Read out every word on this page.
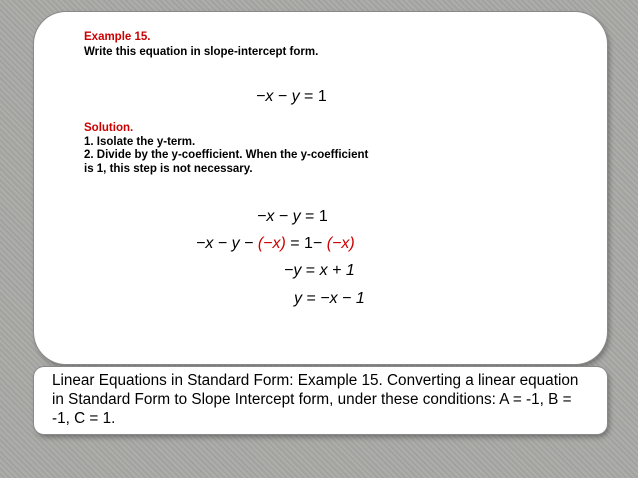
Example 15.
Write this equation in slope-intercept form.
−x − y = 1
Solution.
1. Isolate the y-term.
2. Divide by the y-coefficient. When the y-coefficient
is 1, this step is not necessary.
−x − y = 1
−x − y − (−x) = 1− (−x)
−y = x + 1
y = −x − 1
Linear Equations in Standard Form: Example 15. Converting a linear equation in Standard Form to Slope Intercept form, under these conditions: A = -1, B = -1, C = 1.
